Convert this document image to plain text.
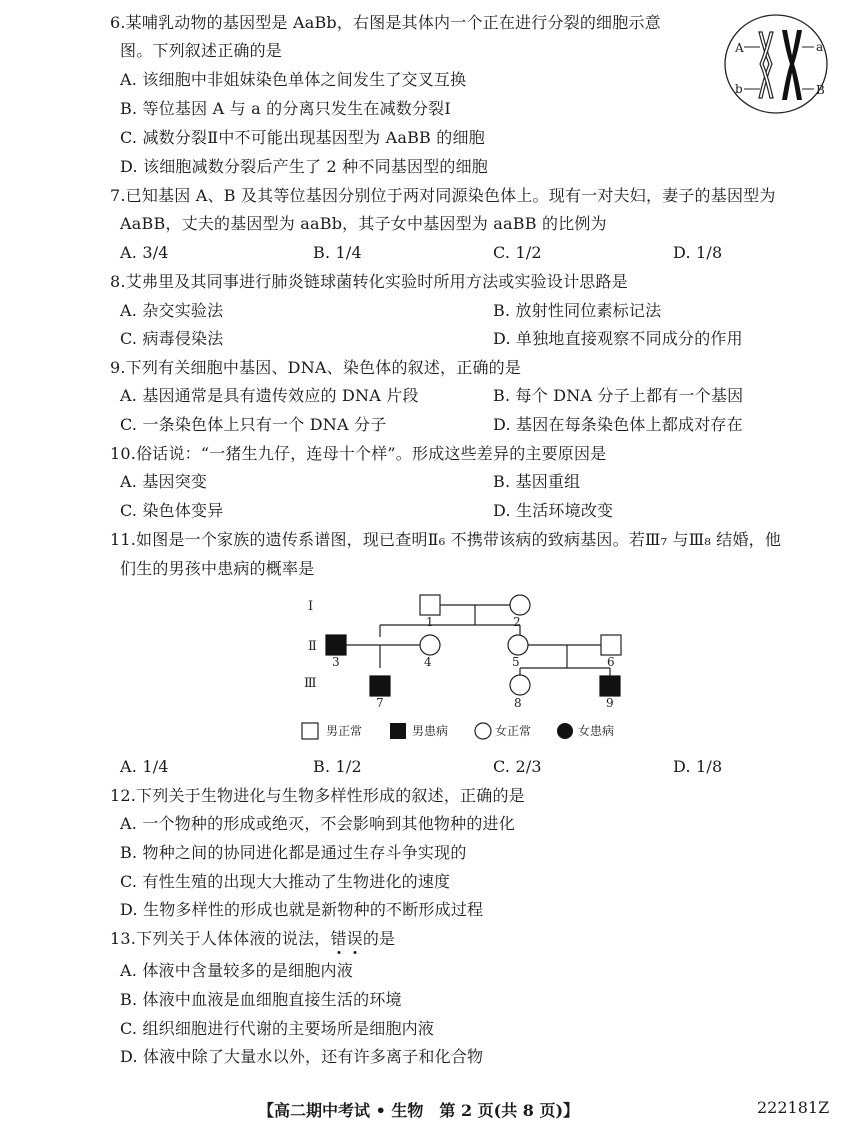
6.某哺乳动物的基因型是 AaBb，右图是其体内一个正在进行分裂的细胞示意
图。下列叙述正确的是
A. 该细胞中非姐妹染色单体之间发生了交叉互换
B. 等位基因 A 与 a 的分离只发生在减数分裂Ⅰ
C. 减数分裂Ⅱ中不可能出现基因型为 AaBB 的细胞
D. 该细胞减数分裂后产生了 2 种不同基因型的细胞
A	a
b	B
7.已知基因 A、B 及其等位基因分别位于两对同源染色体上。现有一对夫妇，妻子的基因型为
AaBB，丈夫的基因型为 aaBb，其子女中基因型为 aaBB 的比例为
A. 3/4	B. 1/4	C. 1/2	D. 1/8
8.艾弗里及其同事进行肺炎链球菌转化实验时所用方法或实验设计思路是
A. 杂交实验法	B. 放射性同位素标记法
C. 病毒侵染法	D. 单独地直接观察不同成分的作用
9.下列有关细胞中基因、DNA、染色体的叙述，正确的是
A. 基因通常是具有遗传效应的 DNA 片段	B. 每个 DNA 分子上都有一个基因
C. 一条染色体上只有一个 DNA 分子	D. 基因在每条染色体上都成对存在
10.俗话说：“一猪生九仔，连母十个样”。形成这些差异的主要原因是
A. 基因突变	B. 基因重组
C. 染色体变异	D. 生活环境改变
11.如图是一个家族的遗传系谱图，现已查明Ⅱ₆ 不携带该病的致病基因。若Ⅲ₇ 与Ⅲ₈ 结婚，他
们生的男孩中患病的概率是
Ⅰ
Ⅱ
Ⅲ
1	2
3	4	5	6
7	8	9
男正常	男患病	女正常	女患病
A. 1/4	B. 1/2	C. 2/3	D. 1/8
12.下列关于生物进化与生物多样性形成的叙述，正确的是
A. 一个物种的形成或绝灭，不会影响到其他物种的进化
B. 物种之间的协同进化都是通过生存斗争实现的
C. 有性生殖的出现大大推动了生物进化的速度
D. 生物多样性的形成也就是新物种的不断形成过程
13.下列关于人体体液的说法，错误
的是
A. 体液中含量较多的是细胞内液
B. 体液中血液是血细胞直接生活的环境
C. 组织细胞进行代谢的主要场所是细胞内液
D. 体液中除了大量水以外，还有许多离子和化合物
【高二期中考试 • 生物　第 2 页(共 8 页)】	222181Z
